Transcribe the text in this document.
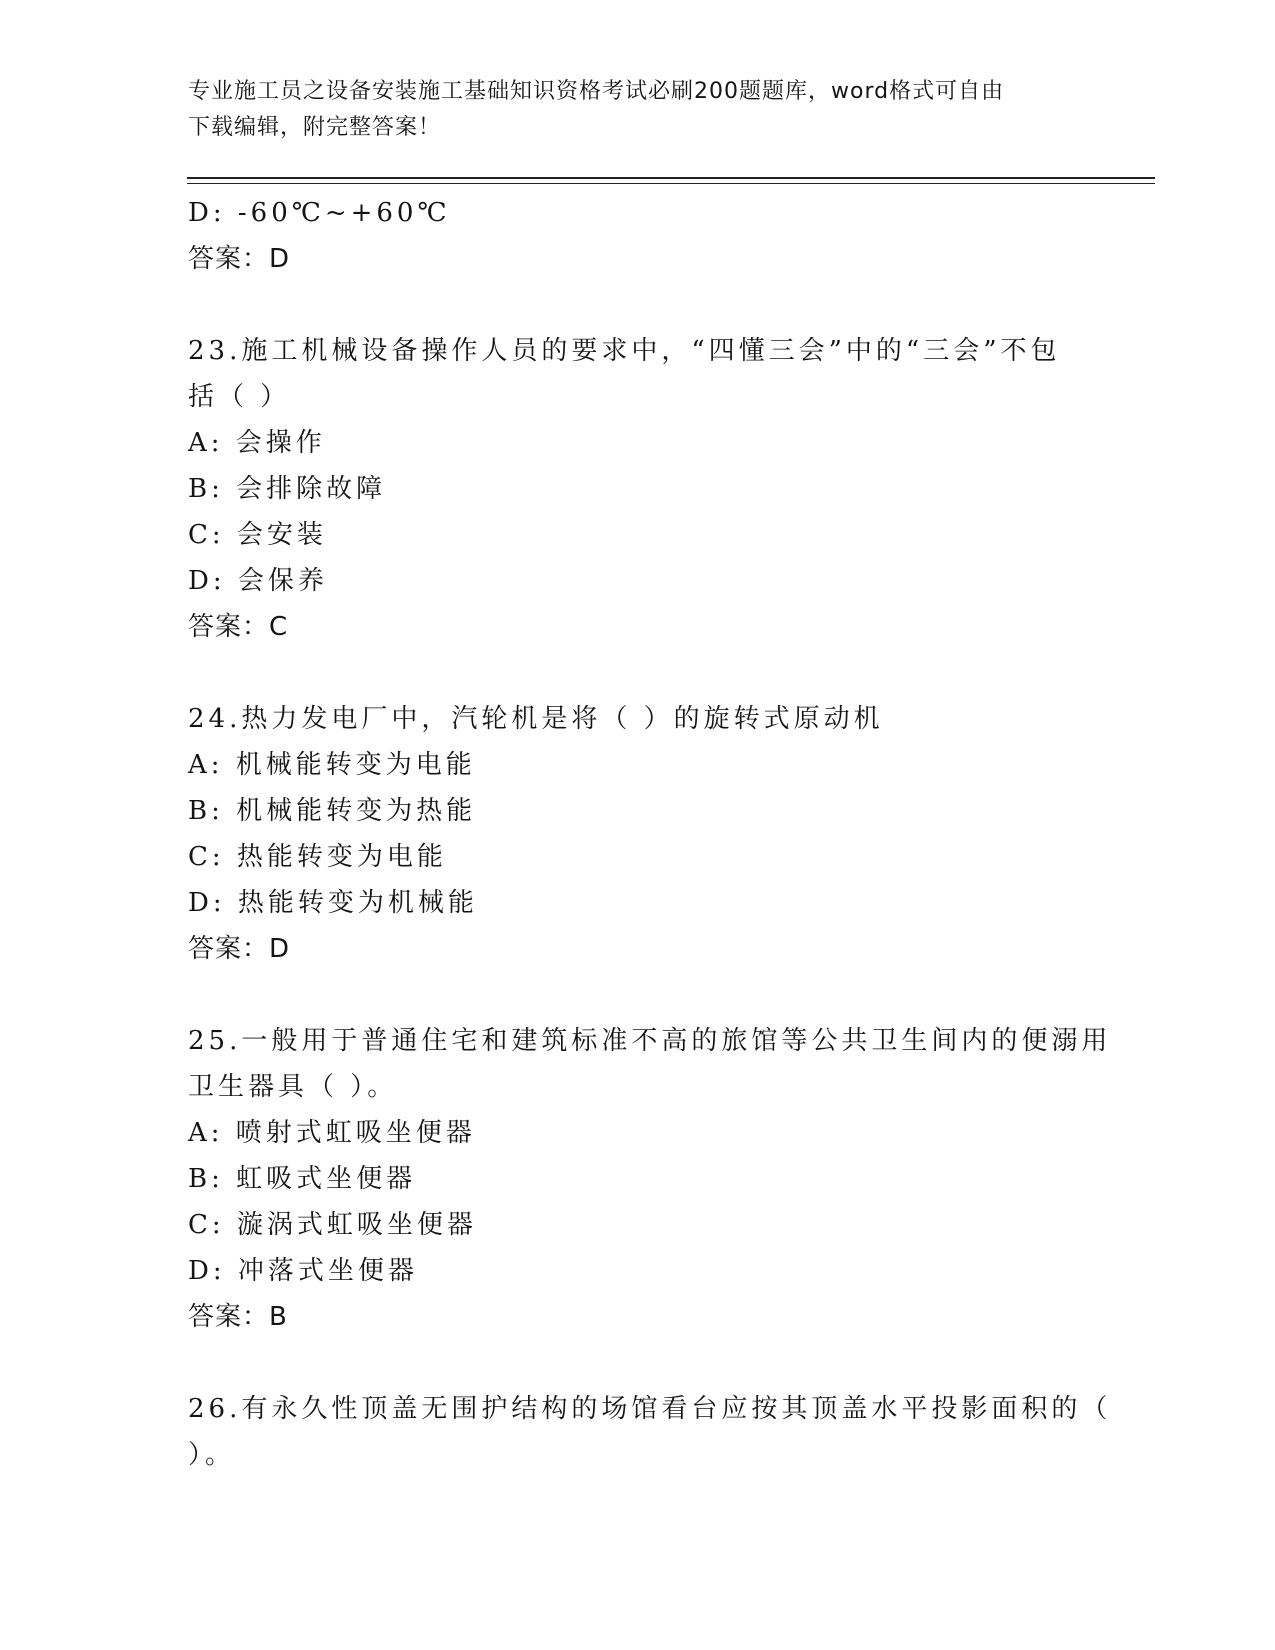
专业施工员之设备安装施工基础知识资格考试必刷200题题库，word格式可自由
下载编辑，附完整答案！
D: -60℃~+60℃
答案：D
23.施工机械设备操作人员的要求中，“四懂三会”中的“三会”不包
括（ ）
A: 会操作
B: 会排除故障
C: 会安装
D: 会保养
答案：C
24.热力发电厂中，汽轮机是将（ ）的旋转式原动机
A: 机械能转变为电能
B: 机械能转变为热能
C: 热能转变为电能
D: 热能转变为机械能
答案：D
25.一般用于普通住宅和建筑标准不高的旅馆等公共卫生间内的便溺用
卫生器具（ ）。
A: 喷射式虹吸坐便器
B: 虹吸式坐便器
C: 漩涡式虹吸坐便器
D: 冲落式坐便器
答案：B
26.有永久性顶盖无围护结构的场馆看台应按其顶盖水平投影面积的（
）。
